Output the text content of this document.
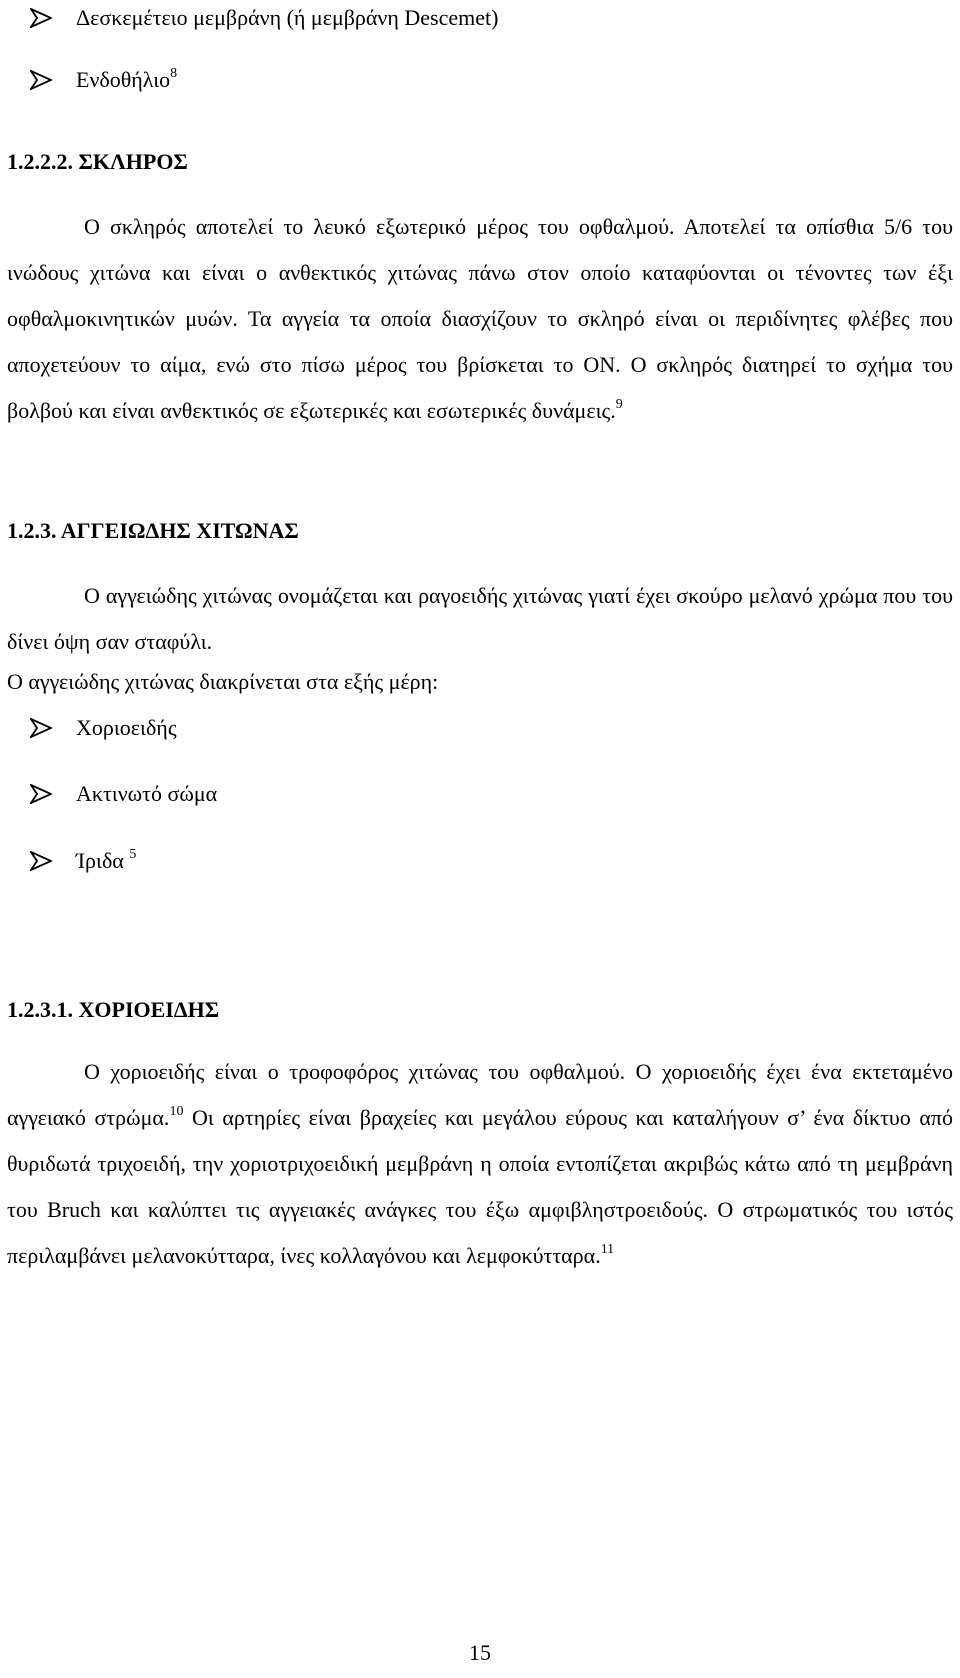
Δεσκεμέτειο μεμβράνη (ή μεμβράνη Descemet)
Ενδοθήλιο$^8$
1.2.2.2. ΣΚΛΗΡΟΣ

Ο σκληρός αποτελεί το λευκό εξωτερικό μέρος του οφθαλμού. Αποτελεί τα οπίσθια 5/6 του ινώδους χιτώνα και είναι ο ανθεκτικός χιτώνας πάνω στον οποίο καταφύονται οι τένοντες των έξι οφθαλμοκινητικών μυών. Τα αγγεία τα οποία διασχίζουν το σκληρό είναι οι περιδίνητες φλέβες που αποχετεύουν το αίμα, ενώ στο πίσω μέρος του βρίσκεται το ΟΝ. Ο σκληρός διατηρεί το σχήμα του βολβού και είναι ανθεκτικός σε εξωτερικές και εσωτερικές δυνάμεις.$^9$

1.2.3. ΑΓΓΕΙΩΔΗΣ ΧΙΤΩΝΑΣ

Ο αγγειώδης χιτώνας ονομάζεται και ραγοειδής χιτώνας γιατί έχει σκούρο μελανό χρώμα που του δίνει όψη σαν σταφύλι.

Ο αγγειώδης χιτώνας διακρίνεται στα εξής μέρη:
Χοριοειδής
Ακτινωτό σώμα
Ίριδα $^5$
1.2.3.1. ΧΟΡΙΟΕΙΔΗΣ

Ο χοριοειδής είναι ο τροφοφόρος χιτώνας του οφθαλμού. Ο χοριοειδής έχει ένα εκτεταμένο αγγειακό στρώμα.$^{10}$ Οι αρτηρίες είναι βραχείες και μεγάλου εύρους και καταλήγουν σ’ ένα δίκτυο από θυριδωτά τριχοειδή, την χοριοτριχοειδική μεμβράνη η οποία εντοπίζεται ακριβώς κάτω από τη μεμβράνη του Bruch και καλύπτει τις αγγειακές ανάγκες του έξω αμφιβληστροειδούς. Ο στρωματικός του ιστός περιλαμβάνει μελανοκύτταρα, ίνες κολλαγόνου και λεμφοκύτταρα.$^{11}$

15
